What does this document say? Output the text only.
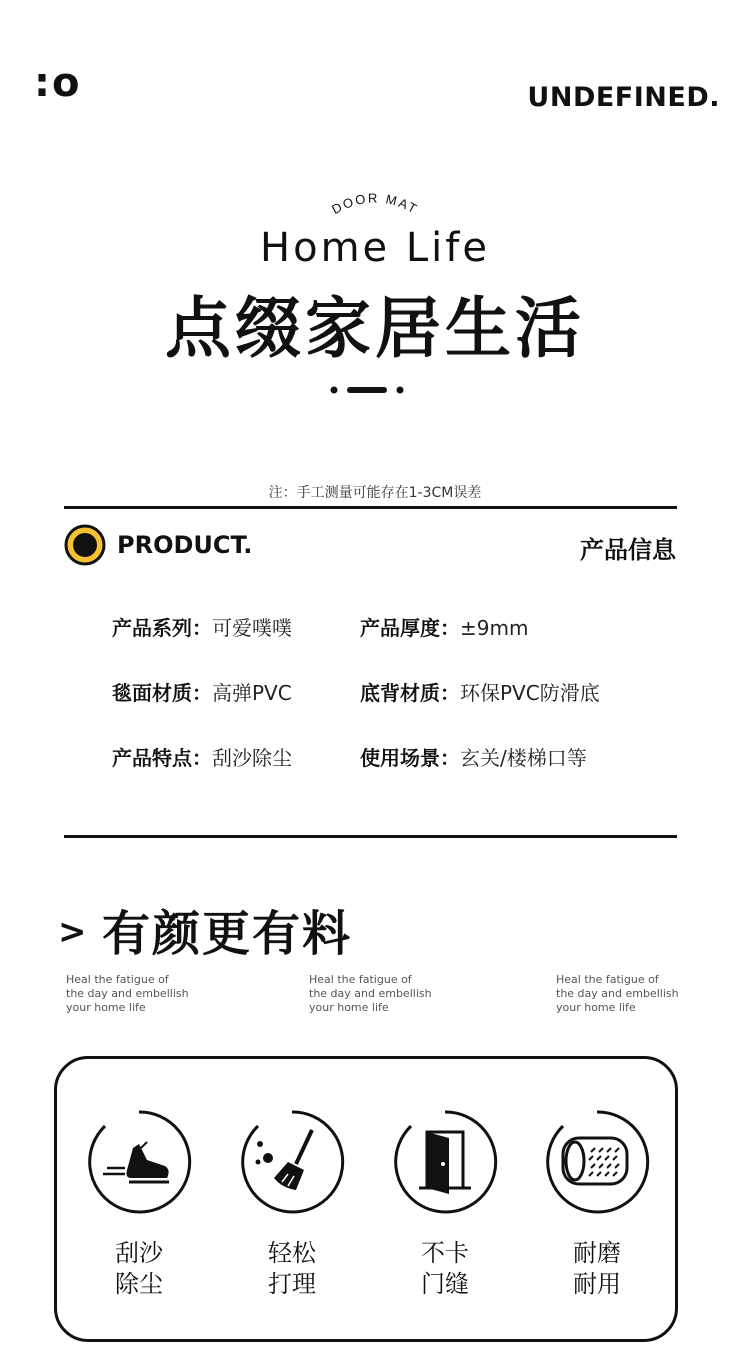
:o	UNDEFINED.
DOOR MAT
Home Life
点缀家居生活
注：手工测量可能存在1-3CM误差
PRODUCT.	产品信息
产品系列：可爱噗噗	产品厚度：±9mm
毯面材质：高弹PVC	底背材质：环保PVC防滑底
产品特点：刮沙除尘	使用场景：玄关/楼梯口等
> 有颜更有料
Heal the fatigue of
the day and embellish
your home life
Heal the fatigue of
the day and embellish
your home life
Heal the fatigue of
the day and embellish
your home life
刮沙
除尘
轻松
打理
不卡
门缝
耐磨
耐用
